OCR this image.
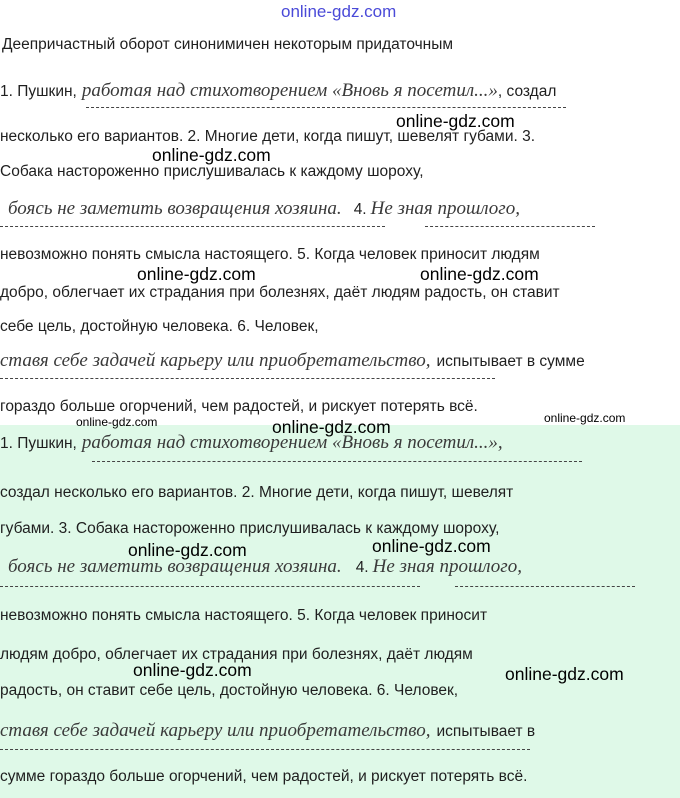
online-gdz.com
Деепричастный оборот синонимичен некоторым придаточным
1. Пушкин, работая над стихотворением «Вновь я посетил...», создал
несколько его вариантов. 2. Многие дети, когда пишут, шевелят губами. 3.
Собака настороженно прислушивалась к каждому шороху,
боясь не заметить возвращения хозяина. 4. Не зная прошлого,
невозможно понять смысла настоящего. 5. Когда человек приносит людям
добро, облегчает их страдания при болезнях, даёт людям радость, он ставит
себе цель, достойную человека. 6. Человек,
ставя себе задачей карьеру или приобретательство, испытывает в сумме
гораздо больше огорчений, чем радостей, и рискует потерять всё.
1. Пушкин, работая над стихотворением «Вновь я посетил...»,
создал несколько его вариантов. 2. Многие дети, когда пишут, шевелят
губами. 3. Собака настороженно прислушивалась к каждому шороху,
боясь не заметить возвращения хозяина. 4. Не зная прошлого,
невозможно понять смысла настоящего. 5. Когда человек приносит
людям добро, облегчает их страдания при болезнях, даёт людям
радость, он ставит себе цель, достойную человека. 6. Человек,
ставя себе задачей карьеру или приобретательство, испытывает в
сумме гораздо больше огорчений, чем радостей, и рискует потерять всё.
online-gdz.com
online-gdz.com
online-gdz.com	online-gdz.com
online-gdz.com	online-gdz.com	online-gdz.com
online-gdz.com	online-gdz.com
online-gdz.com	online-gdz.com
